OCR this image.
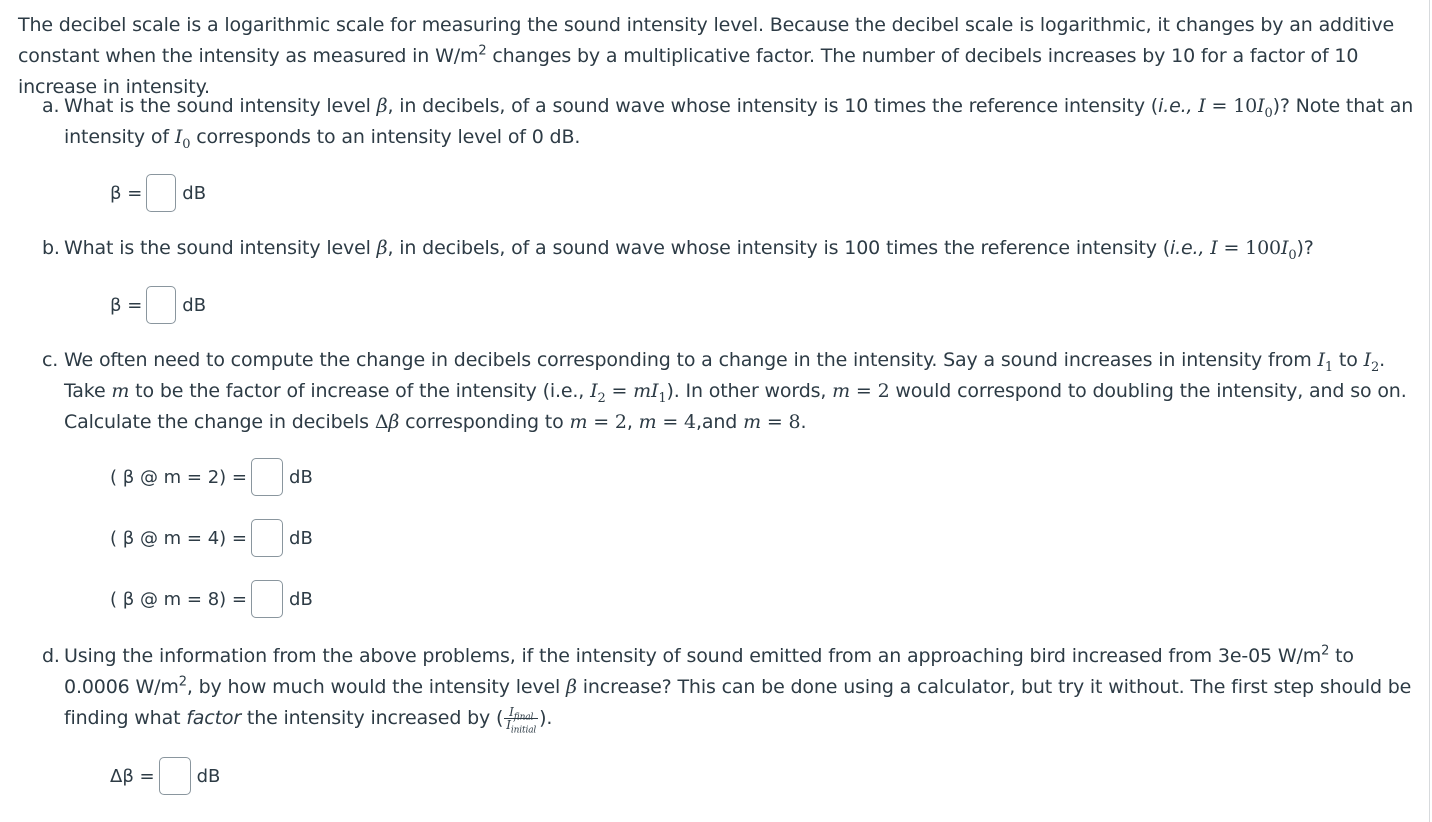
The decibel scale is a logarithmic scale for measuring the sound intensity level. Because the decibel scale is logarithmic, it changes by an additive constant when the intensity as measured in $W/m^2$ changes by a multiplicative factor. The number of decibels increases by 10 for a factor of 10 increase in intensity.
a. What is the sound intensity level β, in decibels, of a sound wave whose intensity is 10 times the reference intensity (i.e., $I = 10I_0$)? Note that an intensity of $I_0$ corresponds to an intensity level of 0 dB.
β = dB
b. What is the sound intensity level β, in decibels, of a sound wave whose intensity is 100 times the reference intensity (i.e., $I = 100I_0$)?
β = dB
c. We often need to compute the change in decibels corresponding to a change in the intensity. Say a sound increases in intensity from $I_1$ to $I_2$. Take m to be the factor of increase of the intensity (i.e., $I_2 = mI_1$). In other words, m = 2 would correspond to doubling the intensity, and so on. Calculate the change in decibels Δβ corresponding to m = 2, m = 4,and m = 8.
( β @ m = 2) = dB
( β @ m = 4) = dB
( β @ m = 8) = dB
d. Using the information from the above problems, if the intensity of sound emitted from an approaching bird increased from 3e-05 $W/m^2$ to 0.0006 $W/m^2$, by how much would the intensity level β increase? This can be done using a calculator, but try it without. The first step should be finding what factor the intensity increased by ( $\frac{I_{final}}{I_{initial}}$ ).
Δβ = dB
